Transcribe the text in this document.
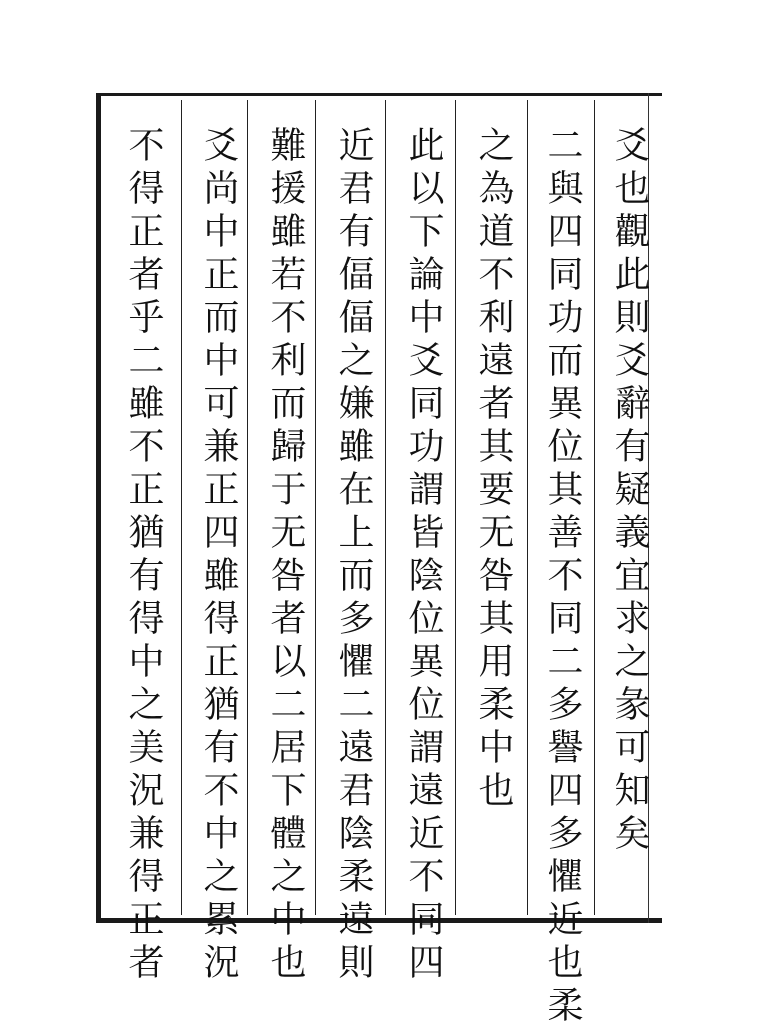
爻也觀此則爻辭有疑義宜求之彖可知矣
二與四同功而異位其善不同二多譽四多懼近也柔
之為道不利遠者其要无咎其用柔中也
此以下論中爻同功謂皆陰位異位謂遠近不同四
近君有偪偪之嫌雖在上而多懼二遠君陰柔遠則
難援雖若不利而歸于无咎者以二居下體之中也
爻尚中正而中可兼正四雖得正猶有不中之累況
不得正者乎二雖不正猶有得中之美況兼得正者
